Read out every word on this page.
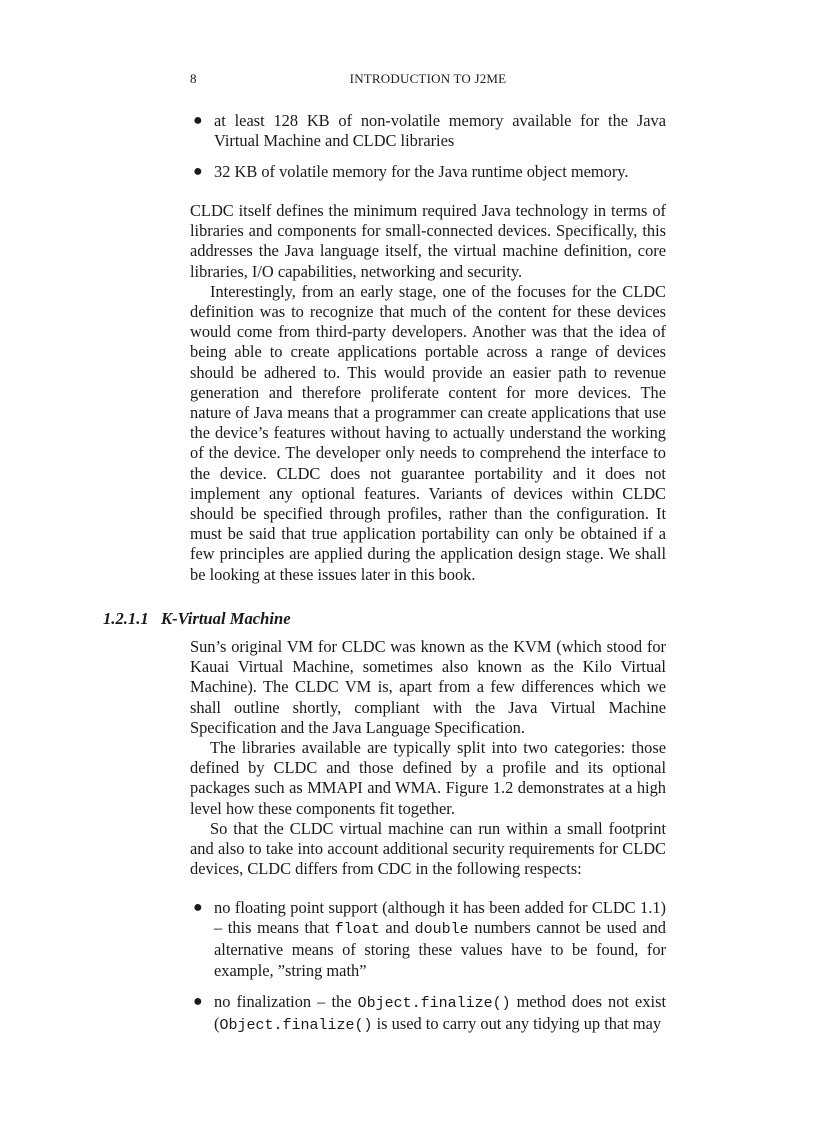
8	INTRODUCTION TO J2ME
● at least 128 KB of non-volatile memory available for the Java Virtual Machine and CLDC libraries
● 32 KB of volatile memory for the Java runtime object memory.

CLDC itself defines the minimum required Java technology in terms of libraries and components for small-connected devices. Specifically, this addresses the Java language itself, the virtual machine definition, core libraries, I/O capabilities, networking and security.

Interestingly, from an early stage, one of the focuses for the CLDC definition was to recognize that much of the content for these devices would come from third-party developers. Another was that the idea of being able to create applications portable across a range of devices should be adhered to. This would provide an easier path to revenue generation and therefore proliferate content for more devices. The nature of Java means that a programmer can create applications that use the device’s features without having to actually understand the working of the device. The developer only needs to comprehend the interface to the device. CLDC does not guarantee portability and it does not implement any optional features. Variants of devices within CLDC should be specified through profiles, rather than the configuration. It must be said that true application portability can only be obtained if a few principles are applied during the application design stage. We shall be looking at these issues later in this book.

1.2.1.1 K-Virtual Machine

Sun’s original VM for CLDC was known as the KVM (which stood for Kauai Virtual Machine, sometimes also known as the Kilo Virtual Machine). The CLDC VM is, apart from a few differences which we shall outline shortly, compliant with the Java Virtual Machine Specification and the Java Language Specification.

The libraries available are typically split into two categories: those defined by CLDC and those defined by a profile and its optional packages such as MMAPI and WMA. Figure 1.2 demonstrates at a high level how these components fit together.

So that the CLDC virtual machine can run within a small footprint and also to take into account additional security requirements for CLDC devices, CLDC differs from CDC in the following respects:

● no floating point support (although it has been added for CLDC 1.1) – this means that float and double numbers cannot be used and alternative means of storing these values have to be found, for example, ”string math”
● no finalization – the Object.finalize() method does not exist (Object.finalize() is used to carry out any tidying up that may
